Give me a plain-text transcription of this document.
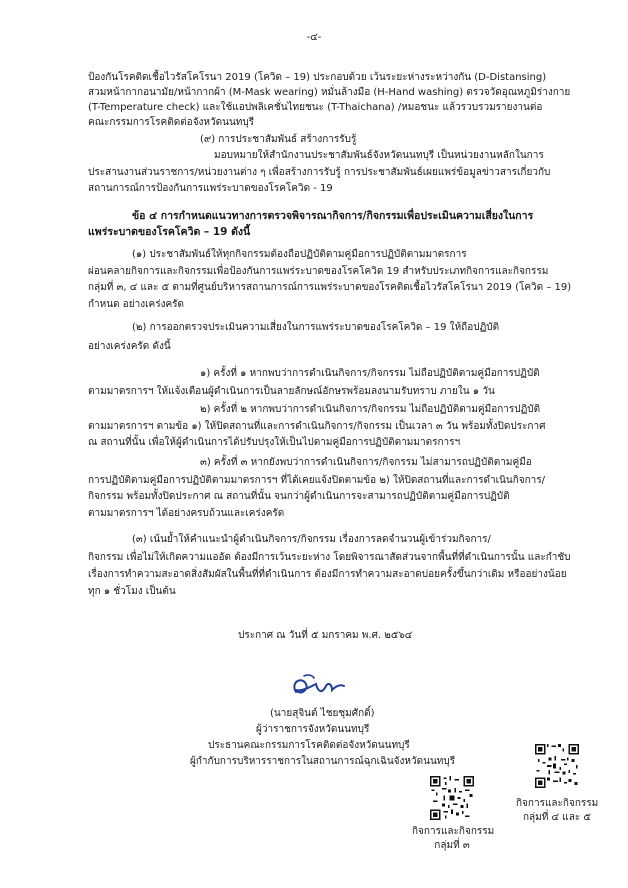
-๔-
ป้องกันโรคติดเชื้อไวรัสโคโรนา 2019 (โควิด – 19) ประกอบด้วย เว้นระยะห่างระหว่างกัน (D-Distansing)
สวมหน้ากากอนามัย/หน้ากากผ้า (M-Mask wearing) หมั่นล้างมือ (H-Hand washing) ตรวจวัดอุณหภูมิร่างกาย
(T-Temperature check) และใช้แอปพลิเคชั่นไทยชนะ (T-Thaichana) /หมอชนะ แล้วรวบรวมรายงานต่อ
คณะกรรมการโรคติดต่อจังหวัดนนทบุรี
(๙) การประชาสัมพันธ์ สร้างการรับรู้
มอบหมายให้สำนักงานประชาสัมพันธ์จังหวัดนนทบุรี เป็นหน่วยงานหลักในการ
ประสานงานส่วนราชการ/หน่วยงานต่าง ๆ เพื่อสร้างการรับรู้ การประชาสัมพันธ์เผยแพร่ข้อมูลข่าวสารเกี่ยวกับ
สถานการณ์การป้องกันการแพร่ระบาดของโรคโควิด - 19
ข้อ ๔ การกำหนดแนวทางการตรวจพิจารณากิจการ/กิจกรรมเพื่อประเมินความเสี่ยงในการ
แพร่ระบาดของโรคโควิด – 19 ดังนี้
(๑) ประชาสัมพันธ์ให้ทุกกิจกรรมต้องถือปฏิบัติตามคู่มือการปฏิบัติตามมาตรการ
ผ่อนคลายกิจการและกิจกรรมเพื่อป้องกันการแพร่ระบาดของโรคโควิด 19 สำหรับประเภทกิจการและกิจกรรม
กลุ่มที่ ๓, ๔ และ ๕ ตามที่ศูนย์บริหารสถานการณ์การแพร่ระบาดของโรคติดเชื้อไวรัสโคโรนา 2019 (โควิด – 19)
กำหนด อย่างเคร่งครัด
(๒) การออกตรวจประเมินความเสี่ยงในการแพร่ระบาดของโรคโควิด – 19 ให้ถือปฏิบัติ
อย่างเคร่งครัด ดังนี้
๑) ครั้งที่ ๑ หากพบว่าการดำเนินกิจการ/กิจกรรม ไม่ถือปฏิบัติตามคู่มือการปฏิบัติ
ตามมาตรการฯ ให้แจ้งเตือนผู้ดำเนินการเป็นลายลักษณ์อักษรพร้อมลงนามรับทราบ ภายใน ๑ วัน
๒) ครั้งที่ ๒ หากพบว่าการดำเนินกิจการ/กิจกรรม ไม่ถือปฏิบัติตามคู่มือการปฏิบัติ
ตามมาตรการฯ ตามข้อ ๑) ให้ปิดสถานที่และการดำเนินกิจการ/กิจกรรม เป็นเวลา ๓ วัน พร้อมทั้งปิดประกาศ
ณ สถานที่นั้น เพื่อให้ผู้ดำเนินการได้ปรับปรุงให้เป็นไปตามคู่มือการปฏิบัติตามมาตรการฯ
๓) ครั้งที่ ๓ หากยังพบว่าการดำเนินกิจการ/กิจกรรม ไม่สามารถปฏิบัติตามคู่มือ
การปฏิบัติตามคู่มือการปฏิบัติตามมาตรการฯ ที่ได้เคยแจ้งปิดตามข้อ ๒) ให้ปิดสถานที่และการดำเนินกิจการ/
กิจกรรม พร้อมทั้งปิดประกาศ ณ สถานที่นั้น จนกว่าผู้ดำเนินการจะสามารถปฏิบัติตามคู่มือการปฏิบัติ
ตามมาตรการฯ ได้อย่างครบถ้วนและเคร่งครัด
(๓) เน้นย้ำให้คำแนะนำผู้ดำเนินกิจการ/กิจกรรม เรื่องการลดจำนวนผู้เข้าร่วมกิจการ/
กิจกรรม เพื่อไม่ให้เกิดความแออัด ต้องมีการเว้นระยะห่าง โดยพิจารณาสัดส่วนจากพื้นที่ที่ดำเนินการนั้น และกำชับ
เรื่องการทำความสะอาดสิ่งสัมผัสในพื้นที่ที่ดำเนินการ ต้องมีการทำความสะอาดบ่อยครั้งขึ้นกว่าเดิม หรืออย่างน้อย
ทุก ๑ ชั่วโมง เป็นต้น
ประกาศ ณ วันที่ ๕ มกราคม พ.ศ. ๒๕๖๔
(นายสุจินต์ ไชยชุมศักดิ์)
ผู้ว่าราชการจังหวัดนนทบุรี
ประธานคณะกรรมการโรคติดต่อจังหวัดนนทบุรี
ผู้กำกับการบริหารราชการในสถานการณ์ฉุกเฉินจังหวัดนนทบุรี
กิจการและกิจกรรม
กลุ่มที่ ๓
กิจการและกิจกรรม
กลุ่มที่ ๔ และ ๕
